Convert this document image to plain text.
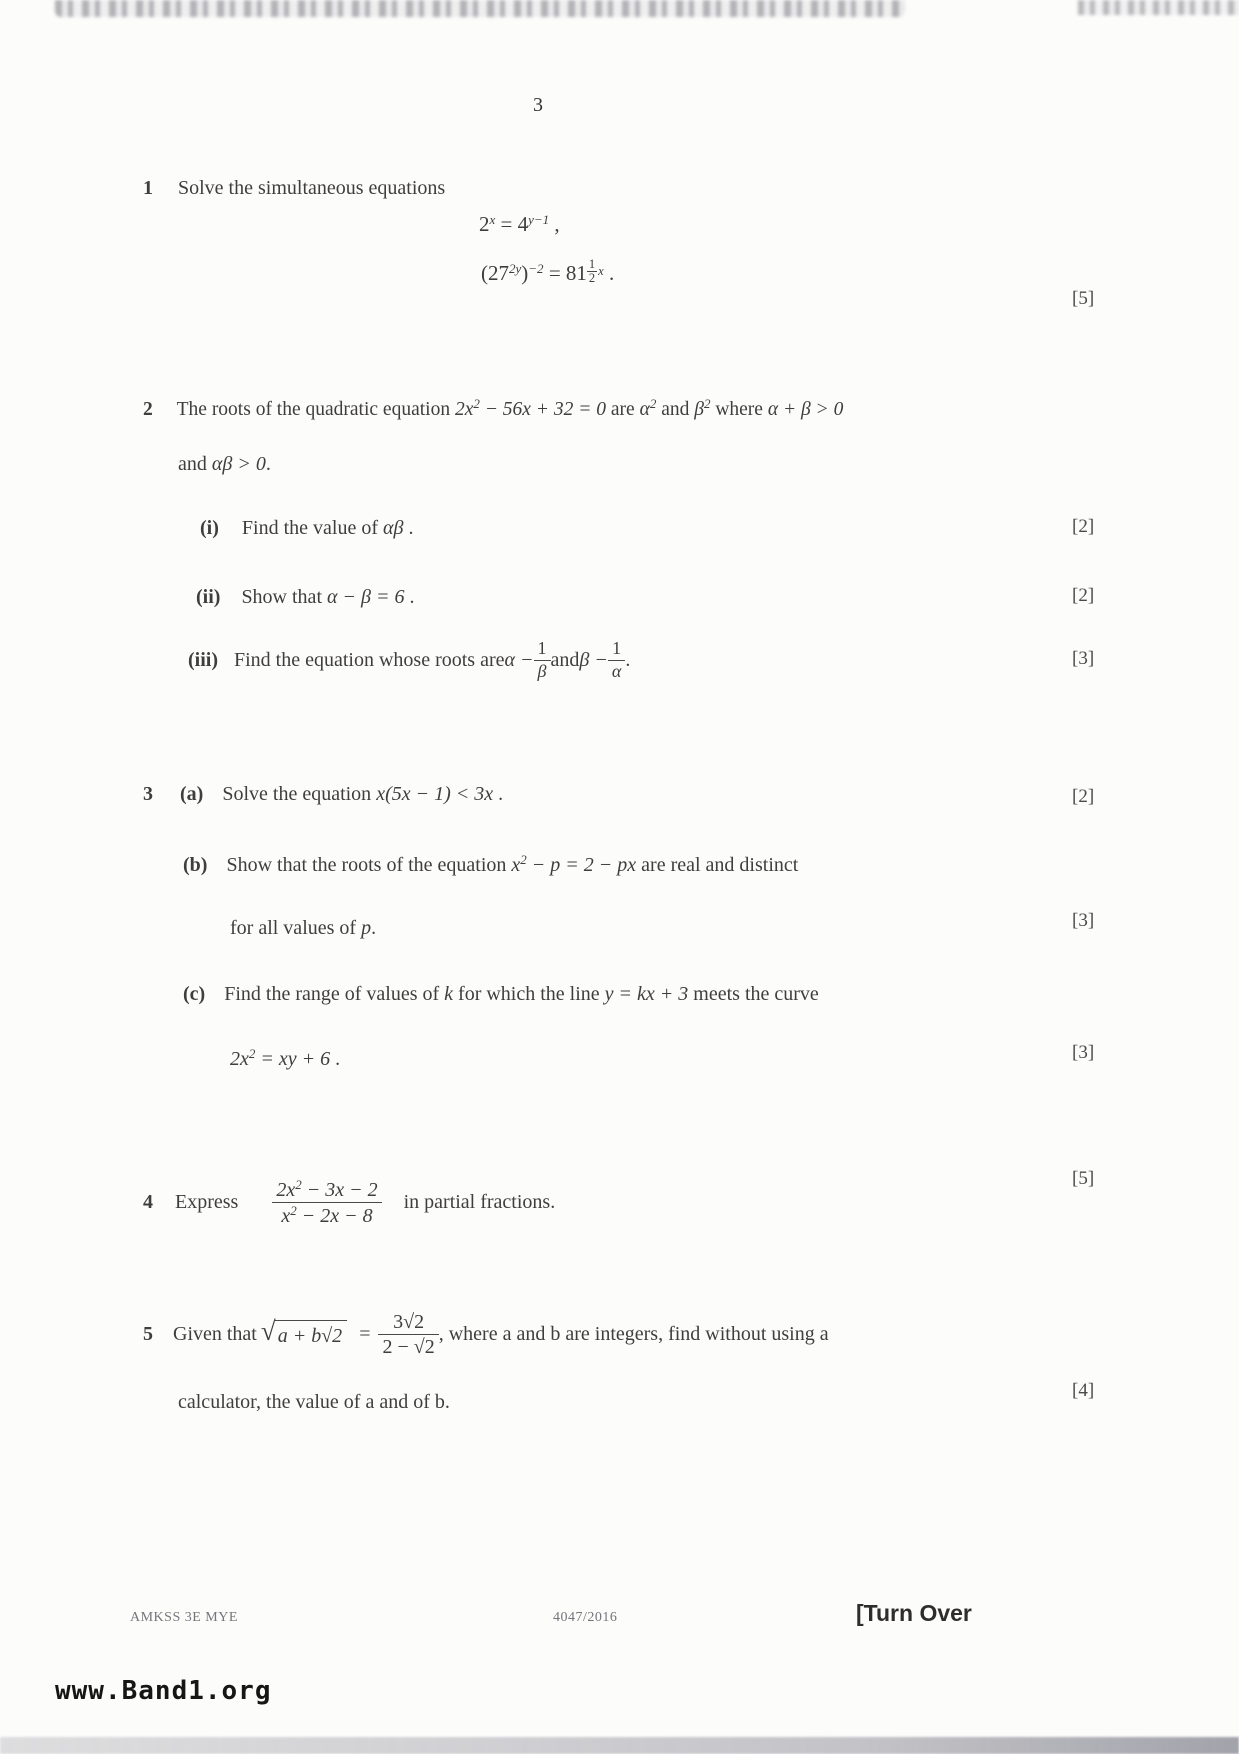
3
1 Solve the simultaneous equations
$2^x = 4^{y-1}$ ,
$(27^{2y})^{-2} = 81 \frac{1}{2}$ x .
[5]
2 The roots of the quadratic equation $2x^2 - 56x + 32 = 0$ are $\alpha^2$ and $\beta^2$ where α + β > 0
and αβ > 0.
(i) Find the value of αβ .	[2]
(ii) Show that α − β = 6 .	[2]
(iii) Find the equation whose roots are $\alpha - \frac{1}{\beta}$ and $\beta - \frac{1}{\alpha}$ .	[3]
3 (a) Solve the equation x(5x − 1) < 3x .	[2]
(b) Show that the roots of the equation $x^2 - p = 2$ − px are real and distinct
for all values of p.	[3]
(c) Find the range of values of k for which the line y = kx + 3 meets the curve
$2x^2$ = xy + 6 .	[3]
4 Express $\frac{2x^2 - 3x - 2}{x^2 - 2x - 8}$ in partial fractions.
[5]
5 Given that √ $a + b√2 = \frac{3√2}{2 - √2}$ , where a and b are integers, find without using a
calculator, the value of a and of b.
[4]
AMKSS 3E MYE	4047/2016	[Turn Over
www.Band1.org
